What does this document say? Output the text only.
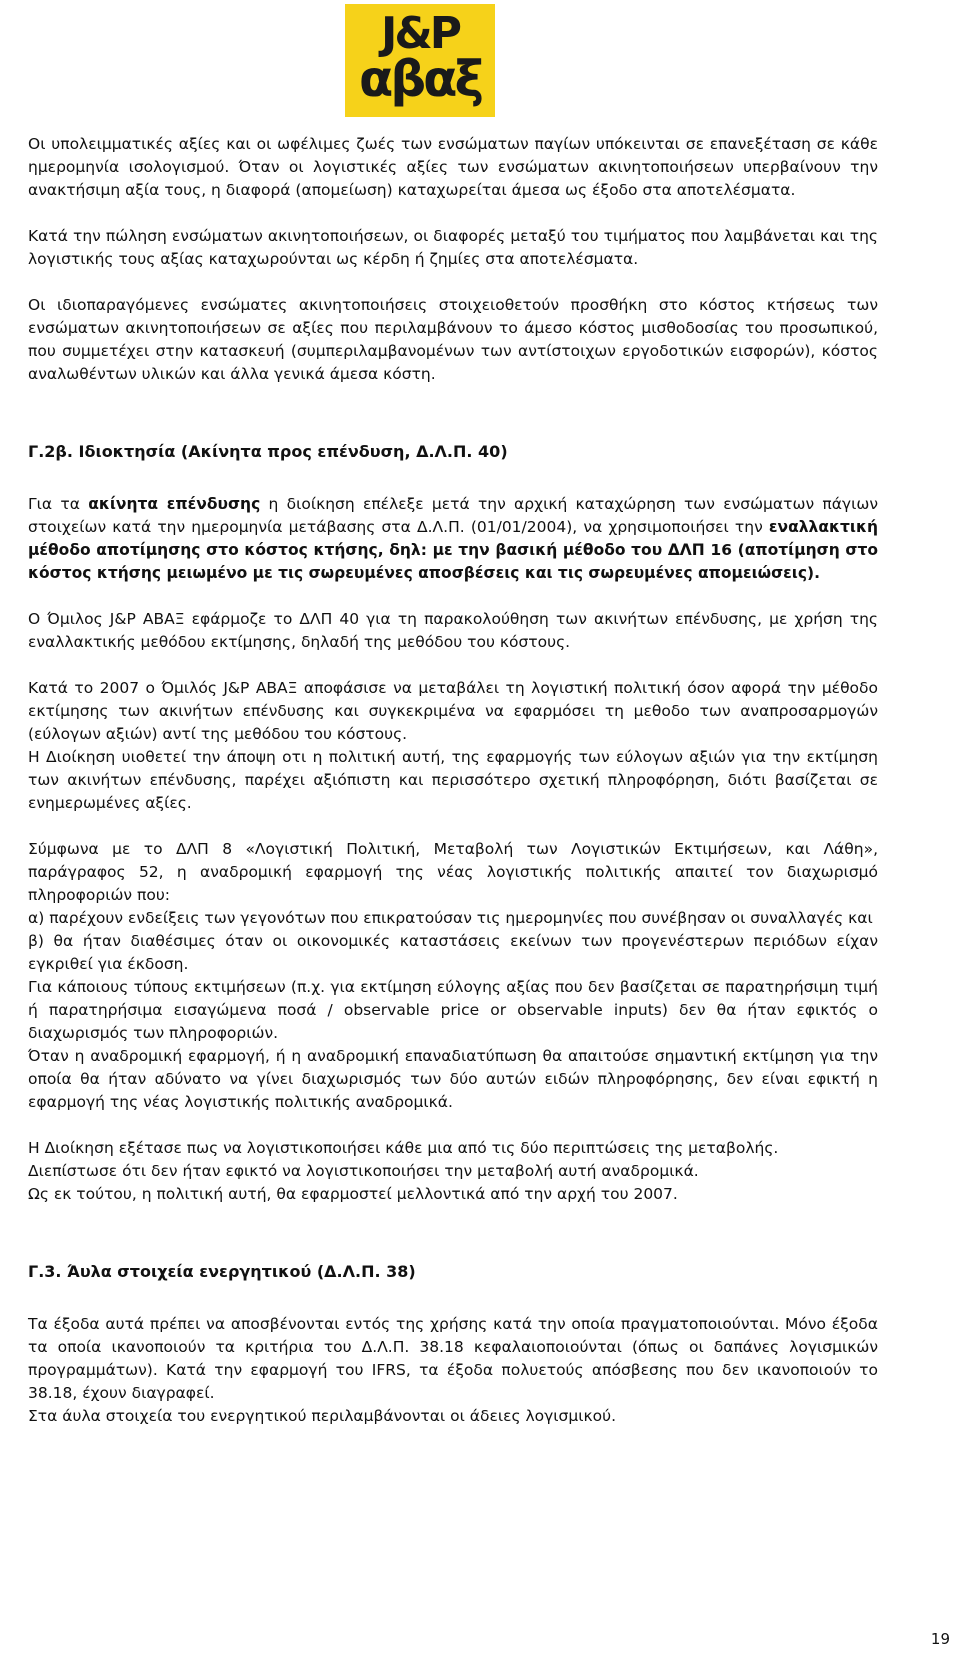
J&P
αβαξ

Οι υπολειμματικές αξίες και οι ωφέλιμες ζωές των ενσώματων παγίων υπόκεινται σε επανεξέταση σε κάθε ημερομηνία ισολογισμού. Όταν οι λογιστικές αξίες των ενσώματων ακινητοποιήσεων υπερβαίνουν την ανακτήσιμη αξία τους, η διαφορά (απομείωση) καταχωρείται άμεσα ως έξοδο στα αποτελέσματα.

Κατά την πώληση ενσώματων ακινητοποιήσεων, οι διαφορές μεταξύ του τιμήματος που λαμβάνεται και της λογιστικής τους αξίας καταχωρούνται ως κέρδη ή ζημίες στα αποτελέσματα.

Οι ιδιοπαραγόμενες ενσώματες ακινητοποιήσεις στοιχειοθετούν προσθήκη στο κόστος κτήσεως των ενσώματων ακινητοποιήσεων σε αξίες που περιλαμβάνουν το άμεσο κόστος μισθοδοσίας του προσωπικού, που συμμετέχει στην κατασκευή (συμπεριλαμβανομένων των αντίστοιχων εργοδοτικών εισφορών), κόστος αναλωθέντων υλικών και άλλα γενικά άμεσα κόστη.

Γ.2β. Ιδιοκτησία (Ακίνητα προς επένδυση, Δ.Λ.Π. 40)

Για τα ακίνητα επένδυσης η διοίκηση επέλεξε μετά την αρχική καταχώρηση των ενσώματων πάγιων στοιχείων κατά την ημερομηνία μετάβασης στα Δ.Λ.Π. (01/01/2004), να χρησιμοποιήσει την εναλλακτική μέθοδο αποτίμησης στο κόστος κτήσης, δηλ: με την βασική μέθοδο του ΔΛΠ 16 (αποτίμηση στο κόστος κτήσης μειωμένο με τις σωρευμένες αποσβέσεις και τις σωρευμένες απομειώσεις).

Ο Όμιλος J&P ΑΒΑΞ εφάρμοζε το ΔΛΠ 40 για τη παρακολούθηση των ακινήτων επένδυσης, με χρήση της εναλλακτικής μεθόδου εκτίμησης, δηλαδή της μεθόδου του κόστους.

Κατά το 2007 ο Όμιλός J&P ΑΒΑΞ αποφάσισε να μεταβάλει τη λογιστική πολιτική όσον αφορά την μέθοδο εκτίμησης των ακινήτων επένδυσης και συγκεκριμένα να εφαρμόσει τη μεθοδο των αναπροσαρμογών (εύλογων αξιών) αντί της μεθόδου του κόστους.

Η Διοίκηση υιοθετεί την άποψη οτι η πολιτική αυτή, της εφαρμογής των εύλογων αξιών για την εκτίμηση των ακινήτων επένδυσης, παρέχει αξιόπιστη και περισσότερο σχετική πληροφόρηση, διότι βασίζεται σε ενημερωμένες αξίες.

Σύμφωνα με το ΔΛΠ 8 «Λογιστική Πολιτική, Μεταβολή των Λογιστικών Εκτιμήσεων, και Λάθη», παράγραφος 52, η αναδρομική εφαρμογή της νέας λογιστικής πολιτικής απαιτεί τον διαχωρισμό πληροφοριών που:

α) παρέχουν ενδείξεις των γεγονότων που επικρατούσαν τις ημερομηνίες που συνέβησαν οι συναλλαγές και

β) θα ήταν διαθέσιμες όταν οι οικονομικές καταστάσεις εκείνων των προγενέστερων περιόδων είχαν εγκριθεί για έκδοση.

Για κάποιους τύπους εκτιμήσεων (π.χ. για εκτίμηση εύλογης αξίας που δεν βασίζεται σε παρατηρήσιμη τιμή ή παρατηρήσιμα εισαγώμενα ποσά / observable price or observable inputs) δεν θα ήταν εφικτός ο διαχωρισμός των πληροφοριών.

Όταν η αναδρομική εφαρμογή, ή η αναδρομική επαναδιατύπωση θα απαιτούσε σημαντική εκτίμηση για την οποία θα ήταν αδύνατο να γίνει διαχωρισμός των δύο αυτών ειδών πληροφόρησης, δεν είναι εφικτή η εφαρμογή της νέας λογιστικής πολιτικής αναδρομικά.

Η Διοίκηση εξέτασε πως να λογιστικοποιήσει κάθε μια από τις δύο περιπτώσεις της μεταβολής.

Διεπίστωσε ότι δεν ήταν εφικτό να λογιστικοποιήσει την μεταβολή αυτή αναδρομικά.

Ως εκ τούτου, η πολιτική αυτή, θα εφαρμοστεί μελλοντικά από την αρχή του 2007.

Γ.3. Άυλα στοιχεία ενεργητικού (Δ.Λ.Π. 38)

Τα έξοδα αυτά πρέπει να αποσβένονται εντός της χρήσης κατά την οποία πραγματοποιούνται. Μόνο έξοδα τα οποία ικανοποιούν τα κριτήρια του Δ.Λ.Π. 38.18 κεφαλαιοποιούνται (όπως οι δαπάνες λογισμικών προγραμμάτων). Κατά την εφαρμογή του IFRS, τα έξοδα πολυετούς απόσβεσης που δεν ικανοποιούν το 38.18, έχουν διαγραφεί.

Στα άυλα στοιχεία του ενεργητικού περιλαμβάνονται οι άδειες λογισμικού.

19
